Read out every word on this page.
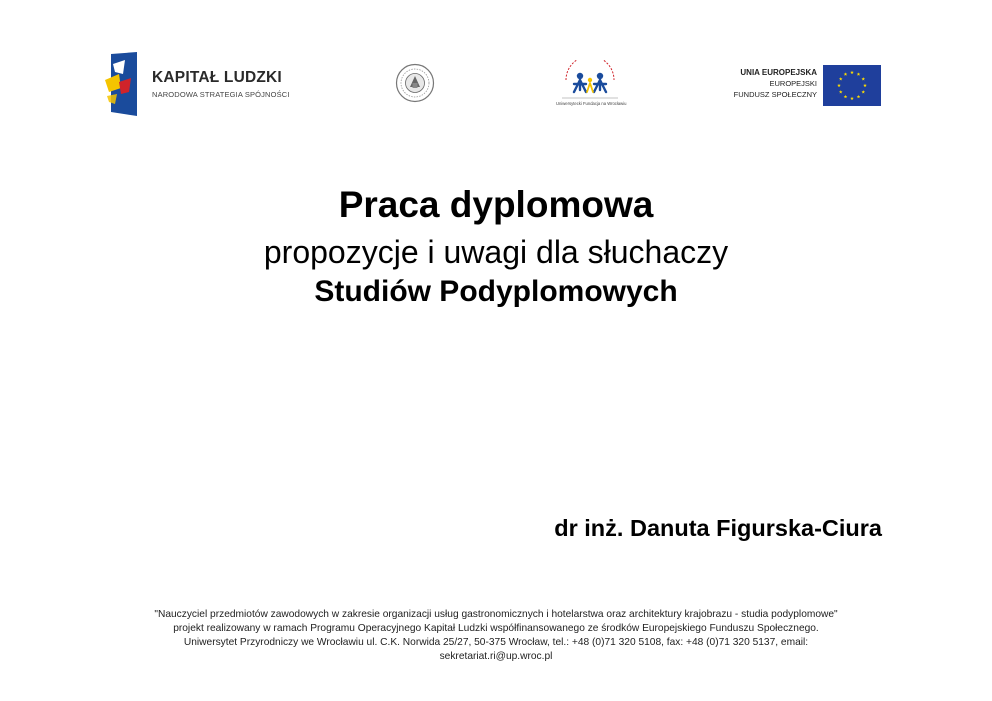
KAPITAŁ LUDZKI
NARODOWA STRATEGIA SPÓJNOŚCI
Uniwersytecki Fundacja na Wrocławiu
UNIA EUROPEJSKA
EUROPEJSKI
FUNDUSZ SPOŁECZNY
Praca dyplomowa
propozycje i uwagi dla słuchaczy
Studiów Podyplomowych
dr inż. Danuta Figurska-Ciura
"Nauczyciel przedmiotów zawodowych w zakresie organizacji usług gastronomicznych i hotelarstwa oraz architektury krajobrazu - studia podyplomowe"
projekt realizowany w ramach Programu Operacyjnego Kapitał Ludzki współfinansowanego ze środków Europejskiego Funduszu Społecznego.
Uniwersytet Przyrodniczy we Wrocławiu ul. C.K. Norwida 25/27, 50-375 Wrocław, tel.: +48 (0)71 320 5108, fax: +48 (0)71 320 5137, email:
sekretariat.ri@up.wroc.pl
